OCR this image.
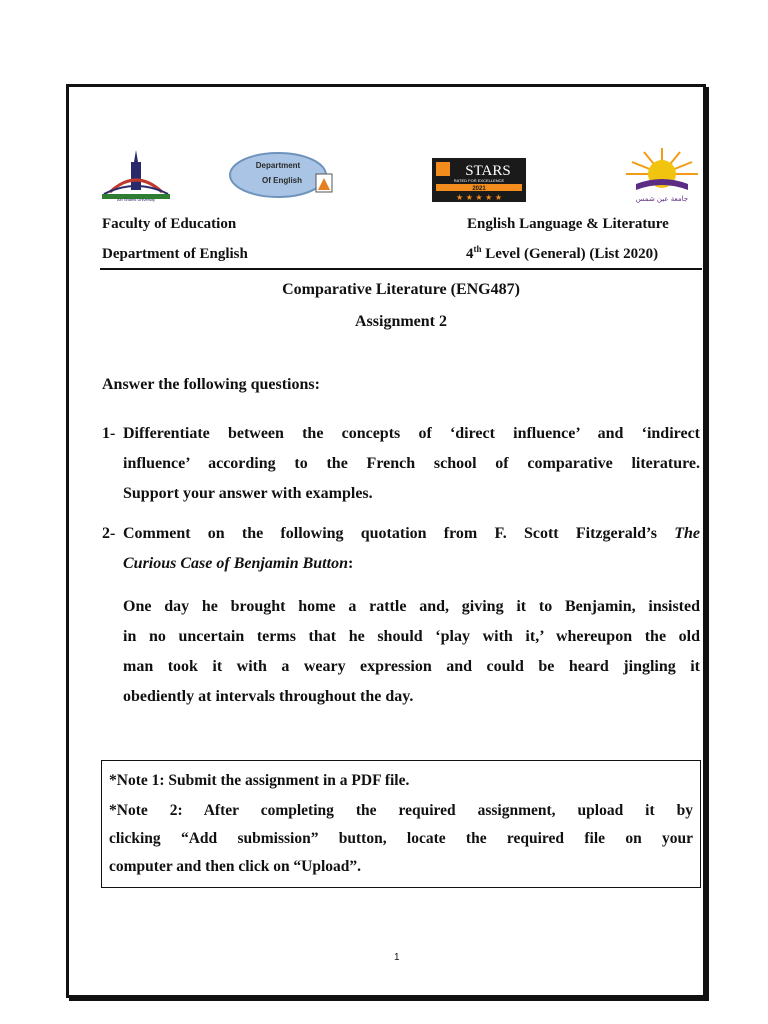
Ain Shams University
Department
Of English
STARS
RATED FOR EXCELLENCE
2021
★ ★ ★ ★ ★	جامعة عين شمس
Faculty of Education
Department of English
English Language & Literature
4th Level (General) (List 2020)
Comparative Literature (ENG487)
Assignment 2
Answer the following questions:
1- Differentiate between the concepts of ‘direct influence’ and ‘indirect
influence’ according to the French school of comparative literature.
Support your answer with examples.
2- Comment on the following quotation from F. Scott Fitzgerald’s The
Curious Case of Benjamin Button:
One day he brought home a rattle and, giving it to Benjamin, insisted
in no uncertain terms that he should ‘play with it,’ whereupon the old
man took it with a weary expression and could be heard jingling it
obediently at intervals throughout the day.
*Note 1: Submit the assignment in a PDF file.
*Note 2: After completing the required assignment, upload it by
clicking “Add submission” button, locate the required file on your
computer and then click on “Upload”.
1
